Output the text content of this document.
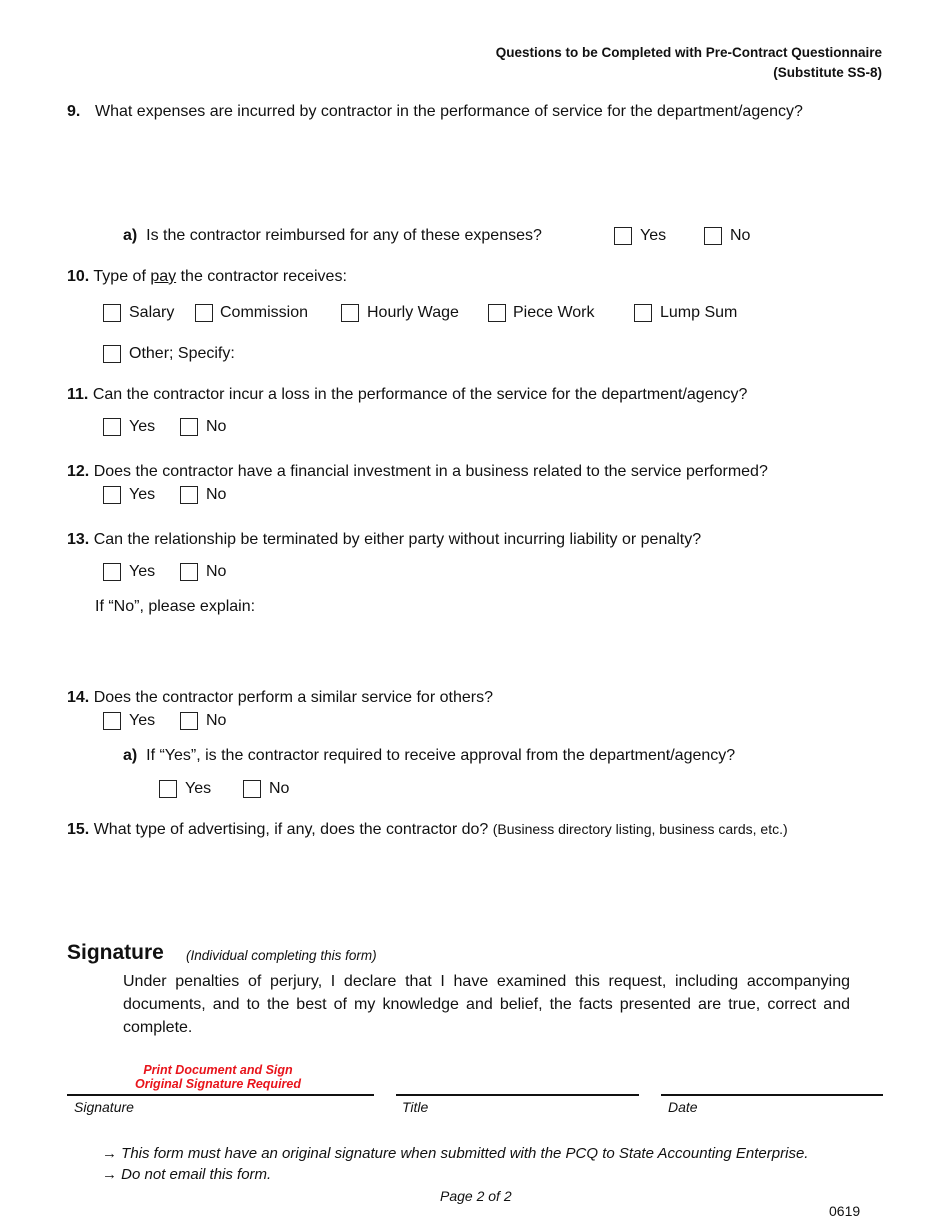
Questions to be Completed with Pre-Contract Questionnaire
(Substitute SS-8)
9. What expenses are incurred by contractor in the performance of service for the department/agency?
a) Is the contractor reimbursed for any of these expenses?	Yes	No
10. Type of pay the contractor receives:
Salary	Commission	Hourly Wage	Piece Work	Lump Sum
Other; Specify:
11. Can the contractor incur a loss in the performance of the service for the department/agency?
Yes	No
12. Does the contractor have a financial investment in a business related to the service performed?
Yes	No
13. Can the relationship be terminated by either party without incurring liability or penalty?
Yes	No
If “No”, please explain:
14. Does the contractor perform a similar service for others?
Yes	No
a) If “Yes”, is the contractor required to receive approval from the department/agency?
Yes	No
15. What type of advertising, if any, does the contractor do? (Business directory listing, business cards, etc.)
Signature (Individual completing this form)
Under penalties of perjury, I declare that I have examined this request, including accompanying documents, and to the best of my knowledge and belief, the facts presented are true, correct and complete.
Print Document and Sign
Original Signature Required
Signature	Title	Date
→ This form must have an original signature when submitted with the PCQ to State Accounting Enterprise.
→ Do not email this form.
Page 2 of 2
0619
